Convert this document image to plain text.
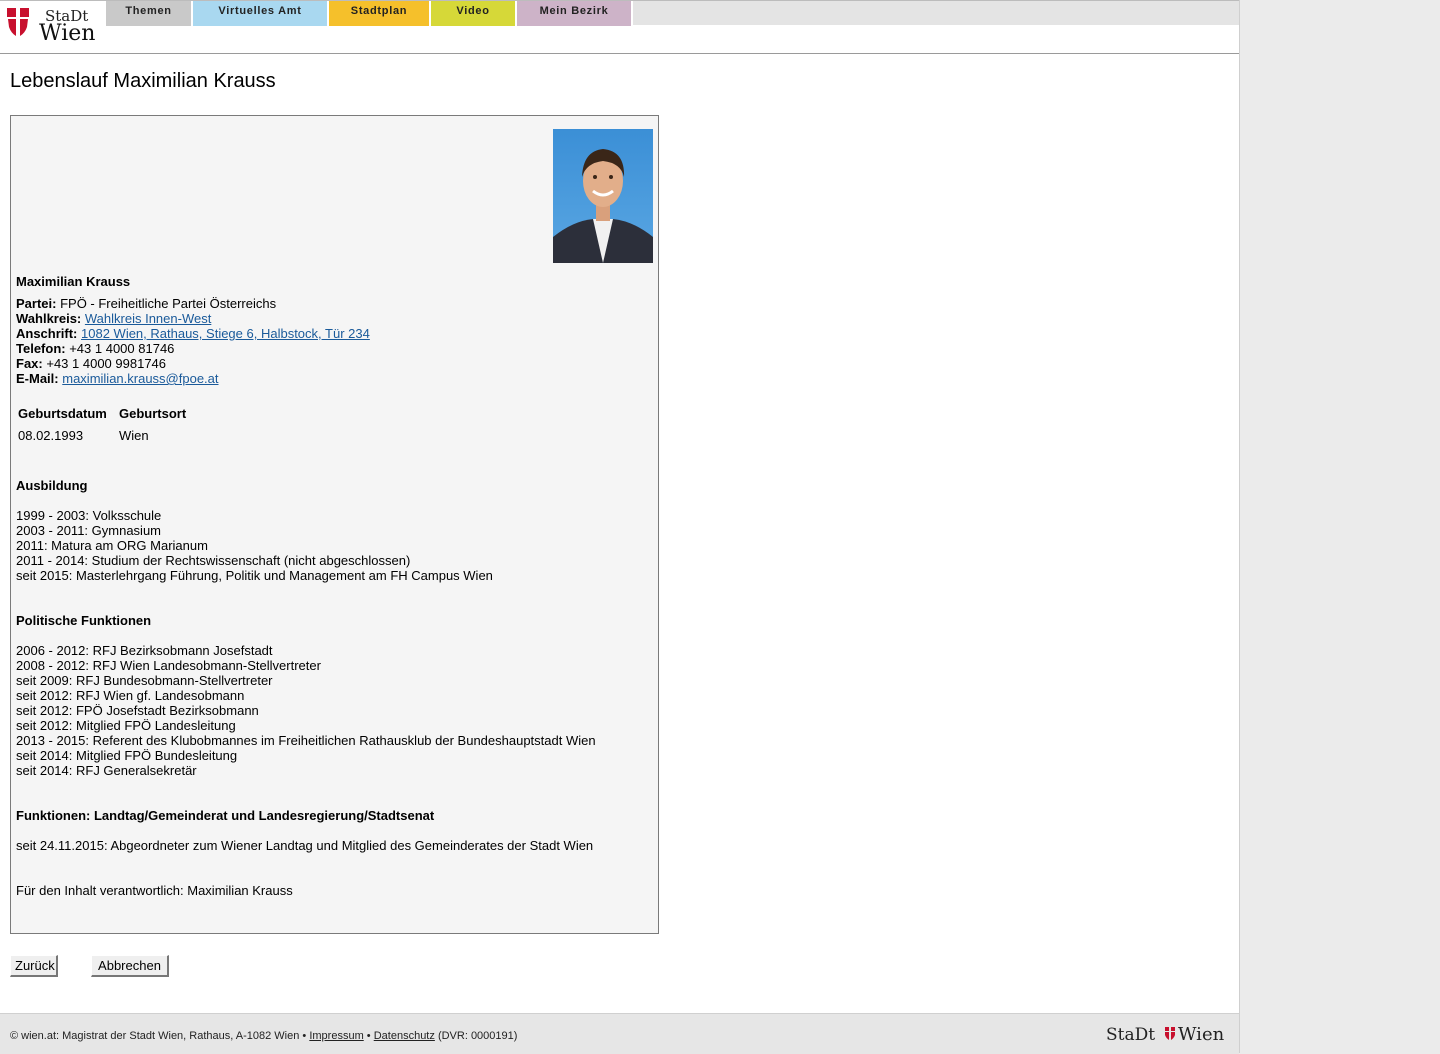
StaDt
Wien
Themen	Virtuelles Amt	Stadtplan	Video	Mein Bezirk
Lebenslauf Maximilian Krauss
Maximilian Krauss
Partei: FPÖ - Freiheitliche Partei Österreichs
Wahlkreis: Wahlkreis Innen-West
Anschrift: 1082 Wien, Rathaus, Stiege 6, Halbstock, Tür 234
Telefon: +43 1 4000 81746
Fax: +43 1 4000 9981746
E-Mail: maximilian.krauss@fpoe.at
Geburtsdatum	Geburtsort

08.02.1993	Wien
Ausbildung
1999 - 2003: Volksschule
2003 - 2011: Gymnasium
2011: Matura am ORG Marianum
2011 - 2014: Studium der Rechtswissenschaft (nicht abgeschlossen)
seit 2015: Masterlehrgang Führung, Politik und Management am FH Campus Wien
Politische Funktionen
2006 - 2012: RFJ Bezirksobmann Josefstadt
2008 - 2012: RFJ Wien Landesobmann-Stellvertreter
seit 2009: RFJ Bundesobmann-Stellvertreter
seit 2012: RFJ Wien gf. Landesobmann
seit 2012: FPÖ Josefstadt Bezirksobmann
seit 2012: Mitglied FPÖ Landesleitung
2013 - 2015: Referent des Klubobmannes im Freiheitlichen Rathausklub der Bundeshauptstadt Wien
seit 2014: Mitglied FPÖ Bundesleitung
seit 2014: RFJ Generalsekretär
Funktionen: Landtag/Gemeinderat und Landesregierung/Stadtsenat
seit 24.11.2015: Abgeordneter zum Wiener Landtag und Mitglied des Gemeinderates der Stadt Wien
Für den Inhalt verantwortlich: Maximilian Krauss
Zurück	Abbrechen
© wien.at: Magistrat der Stadt Wien, Rathaus, A-1082 Wien • Impressum • Datenschutz (DVR: 0000191)	StaDt Wien
